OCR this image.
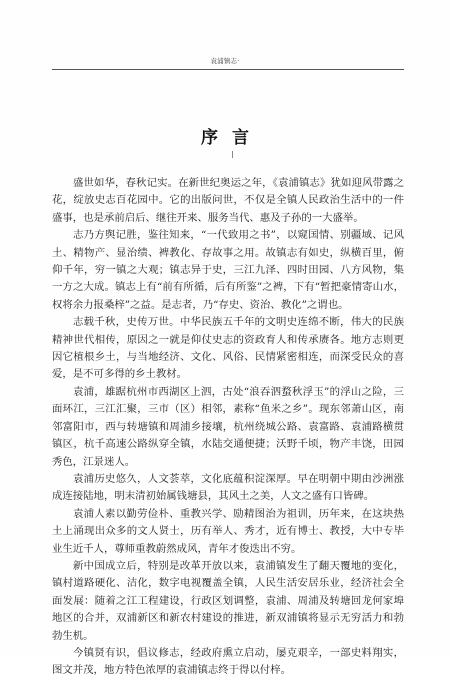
袁浦镇志·
序言

盛世如华，春秋记实。在新世纪奥运之年，《袁浦镇志》犹如迎风带露之花，绽放史志百花园中。它的出版问世，不仅是全镇人民政治生活中的一件盛事，也是承前启后、继往开来、服务当代、惠及子孙的一大盛举。

志乃方舆记胜，鉴往知来，“一代致用之书”，以窥国情、别疆域、记风土、精物产、显治绩、裨教化、存故事之用。故镇志有如史，纵横百里，俯仰千年，穷一镇之大观；镇志异于史，三江九泽、四时田园、八方风物，集一方之大成。镇志上有“前有所循，后有所鉴”之裨，下有“暂把豪情寄山水，权将余力报桑梓”之益。是志者，乃“存史、资治、教化”之谓也。

志载千秋，史传万世。中华民族五千年的文明史连绵不断，伟大的民族精神世代相传，原因之一就是仰仗史志的资政育人和传承赓各。地方志则更因它植根乡土，与当地经济、文化、风俗、民情紧密相连，而深受民众的喜爱，是不可多得的乡土教材。

袁浦，雄踞杭州市西湖区上泗，古处“浪吞泗蝥秋浮玉”的浮山之险，三面环江，三江汇聚，三市（区）相邻，素称“鱼米之乡”。现东邻萧山区，南邻富阳市，西与转塘镇和周浦乡接壤，杭州绕城公路、袁富路、袁浦路横贯镇区，杭千高速公路纵穿全镇，水陆交通便捷；沃野千顷，物产丰饶，田园秀色，江景迷人。

袁浦历史悠久，人文荟萃，文化底蕴积淀深厚。早在明朝中期由沙洲涨成连接陆地，明末清初始属钱塘县，其风土之美，人文之盛有口皆碑。

袁浦人素以勤劳俭朴、重教兴学、励精图治为祖训，历年来，在这块热土上涌现出众多的文人贤士，历有举人、秀才，近有博士、教授，大中专毕业生近千人，尊师重教蔚然成风，青年才俊迭出不穷。

新中国成立后，特别是改革开放以来，袁浦镇发生了翻天覆地的变化，镇村道路硬化、洁化，数字电视覆盖全镇，人民生活安居乐业，经济社会全面发展：随着之江工程建设，行政区划调整，袁浦、周浦及转塘回龙何家埠地区的合并，双浦新区和新农村建设的推进，新双浦镇将显示无穷活力和勃勃生机。

今镇贤有识，倡议修志，经政府熏立启动，屡克艰辛，一部史料翔实，图文并茂，地方特色浓厚的袁浦镇志终于得以付梓。
